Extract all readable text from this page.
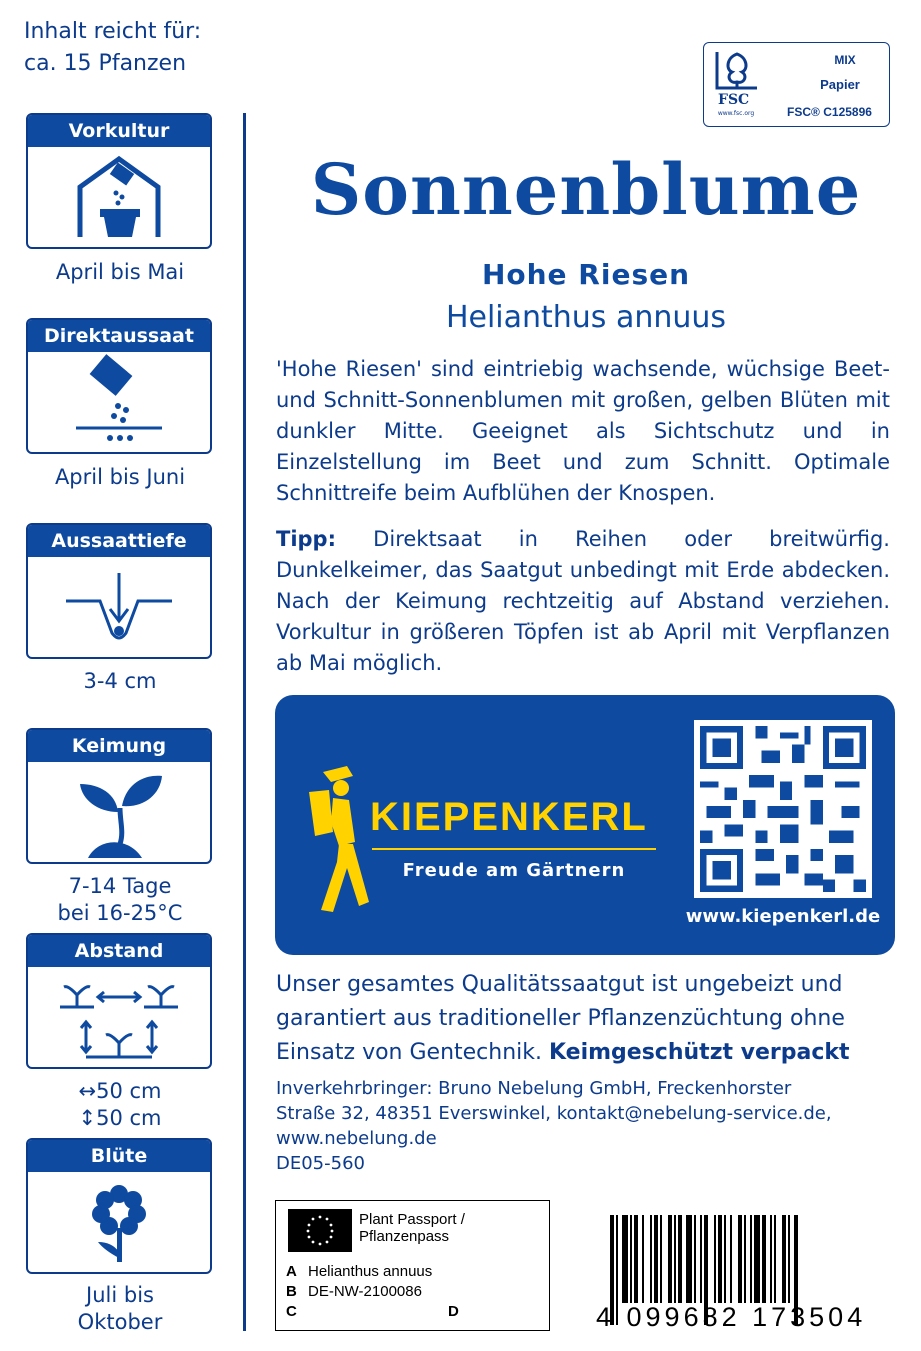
Inhalt reicht für:
ca. 15 Pfanzen
Vorkultur
April bis Mai
Direktaussaat
April bis Juni
Aussaattiefe
3-4 cm
Keimung
7-14 Tage
bei 16-25°C
Abstand
↔50 cm
↕50 cm
Blüte
Juli bis
Oktober
FSC
www.fsc.org
MIX
Papier
FSC® C125896
Sonnenblume
Hohe Riesen
Helianthus annuus
'Hohe Riesen' sind eintriebig wachsende, wüchsige Beet- und Schnitt-Sonnenblumen mit großen, gelben Blüten mit dunkler Mitte. Geeignet als Sichtschutz und in Einzelstellung im Beet und zum Schnitt. Optimale Schnittreife beim Aufblühen der Knospen.
Tipp: Direktsaat in Reihen oder breitwürfig. Dunkelkeimer, das Saatgut unbedingt mit Erde abdecken. Nach der Keimung rechtzeitig auf Abstand verziehen. Vorkultur in größeren Töpfen ist ab April mit Verpflanzen ab Mai möglich.
KIEPENKERL
Freude am Gärtnern
www.kiepenkerl.de
Unser gesamtes Qualitätssaatgut ist ungebeizt und garantiert aus traditioneller Pflanzenzüchtung ohne Einsatz von Gentechnik. Keimgeschützt verpackt
Inverkehrbringer: Bruno Nebelung GmbH, Freckenhorster
Straße 32, 48351 Everswinkel, kontakt@nebelung-service.de,
www.nebelung.de
DE05-560
Plant Passport /
Pflanzenpass
A Helianthus annuus
B DE-NW-2100086
C	D	4 099682 173504
